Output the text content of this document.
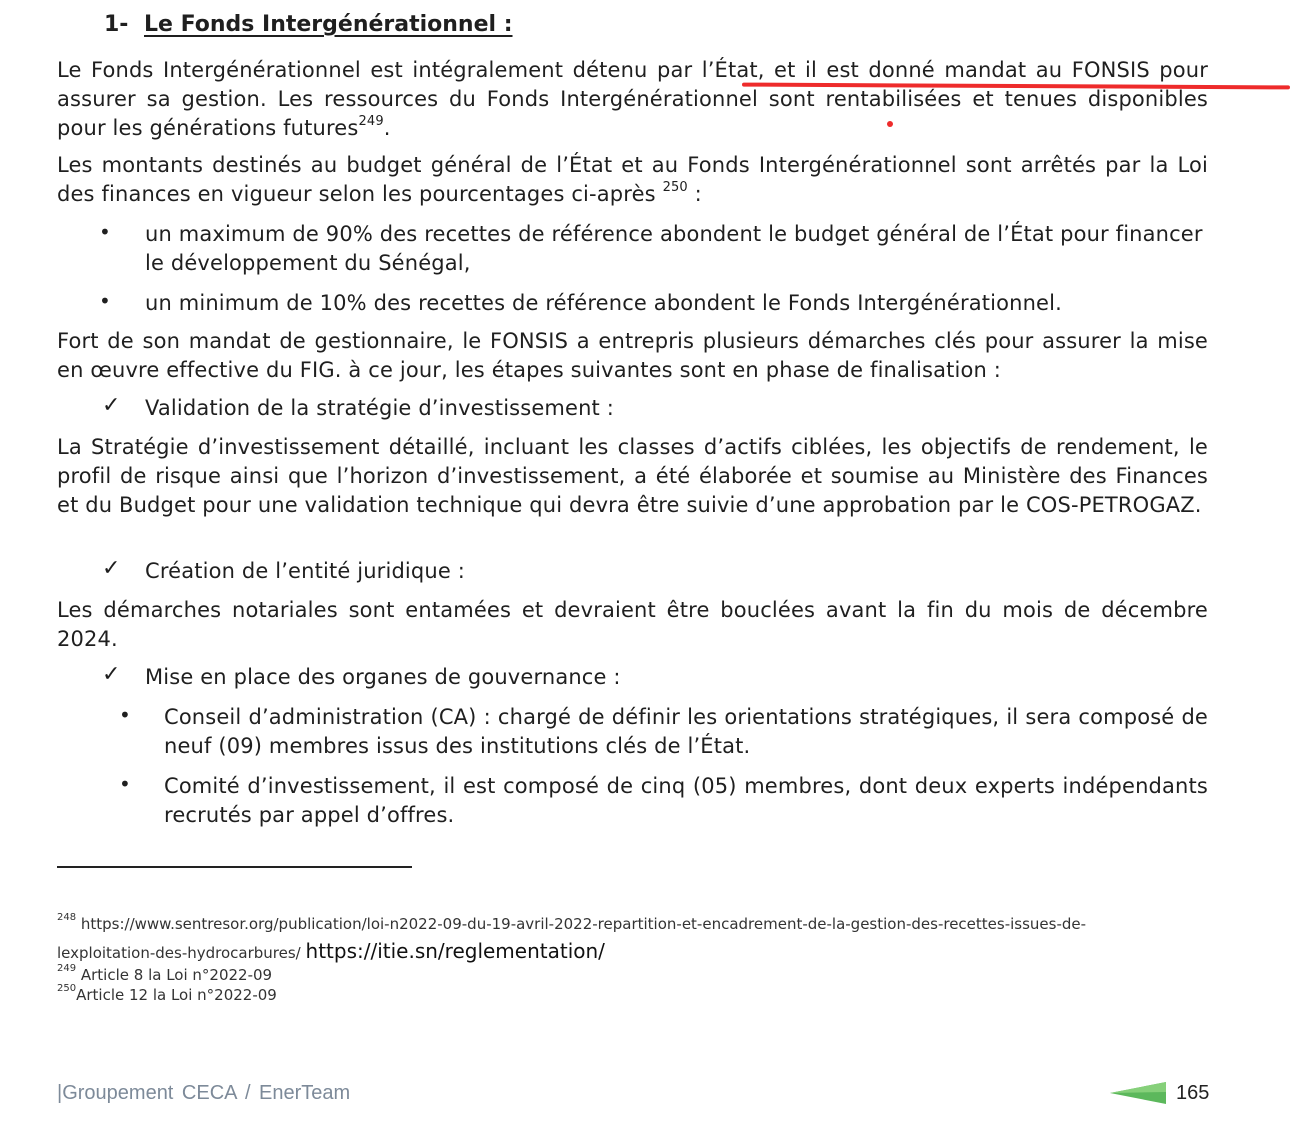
1- Le Fonds Intergénérationnel :
Le Fonds Intergénérationnel est intégralement détenu par l’État, et il est donné mandat au FONSIS pour assurer sa gestion. Les ressources du Fonds Intergénérationnel sont rentabilisées et tenues disponibles pour les générations futures$^{249}$.
Les montants destinés au budget général de l’État et au Fonds Intergénérationnel sont arrêtés par la Loi des finances en vigueur selon les pourcentages ci-après $^{250}$ :
• un maximum de 90% des recettes de référence abondent le budget général de l’État pour financer le développement du Sénégal,
• un minimum de 10% des recettes de référence abondent le Fonds Intergénérationnel.
Fort de son mandat de gestionnaire, le FONSIS a entrepris plusieurs démarches clés pour assurer la mise en œuvre effective du FIG. à ce jour, les étapes suivantes sont en phase de finalisation :
✓ Validation de la stratégie d’investissement :
La Stratégie d’investissement détaillé, incluant les classes d’actifs ciblées, les objectifs de rendement, le profil de risque ainsi que l’horizon d’investissement, a été élaborée et soumise au Ministère des Finances et du Budget pour une validation technique qui devra être suivie d’une approbation par le COS-PETROGAZ.
✓ Création de l’entité juridique :
Les démarches notariales sont entamées et devraient être bouclées avant la fin du mois de décembre 2024.
✓ Mise en place des organes de gouvernance :
• Conseil d’administration (CA) : chargé de définir les orientations stratégiques, il sera composé de neuf (09) membres issus des institutions clés de l’État.
• Comité d’investissement, il est composé de cinq (05) membres, dont deux experts indépendants recrutés par appel d’offres.
$^{248}$ https://www.sentresor.org/publication/loi-n2022-09-du-19-avril-2022-repartition-et-encadrement-de-la-gestion-des-recettes-issues-de-
lexploitation-des-hydrocarbures/ https://itie.sn/reglementation/
$^{249}$ Article 8 la Loi n°2022-09
$^{250}$Article 12 la Loi n°2022-09
|Groupement CECA / EnerTeam	165
